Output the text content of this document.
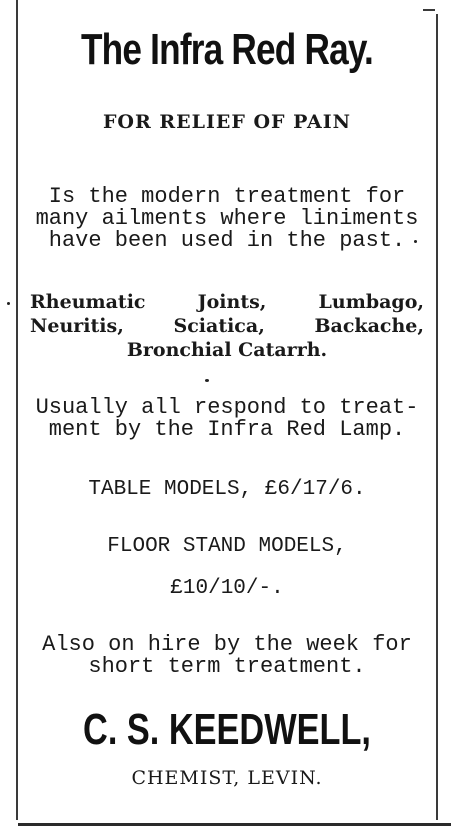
The Infra Red Ray.
FOR RELIEF OF PAIN
Is the modern treatment for
many ailments where liniments
have been used in the past.
Rheumatic Joints, Lumbago,
Neuritis, Sciatica, Backache,
Bronchial Catarrh.
Usually all respond to treat-
ment by the Infra Red Lamp.
TABLE MODELS, £6/17/6.
FLOOR STAND MODELS,
£10/10/-.
Also on hire by the week for
short term treatment.
C. S. KEEDWELL,
CHEMIST, LEVIN.
